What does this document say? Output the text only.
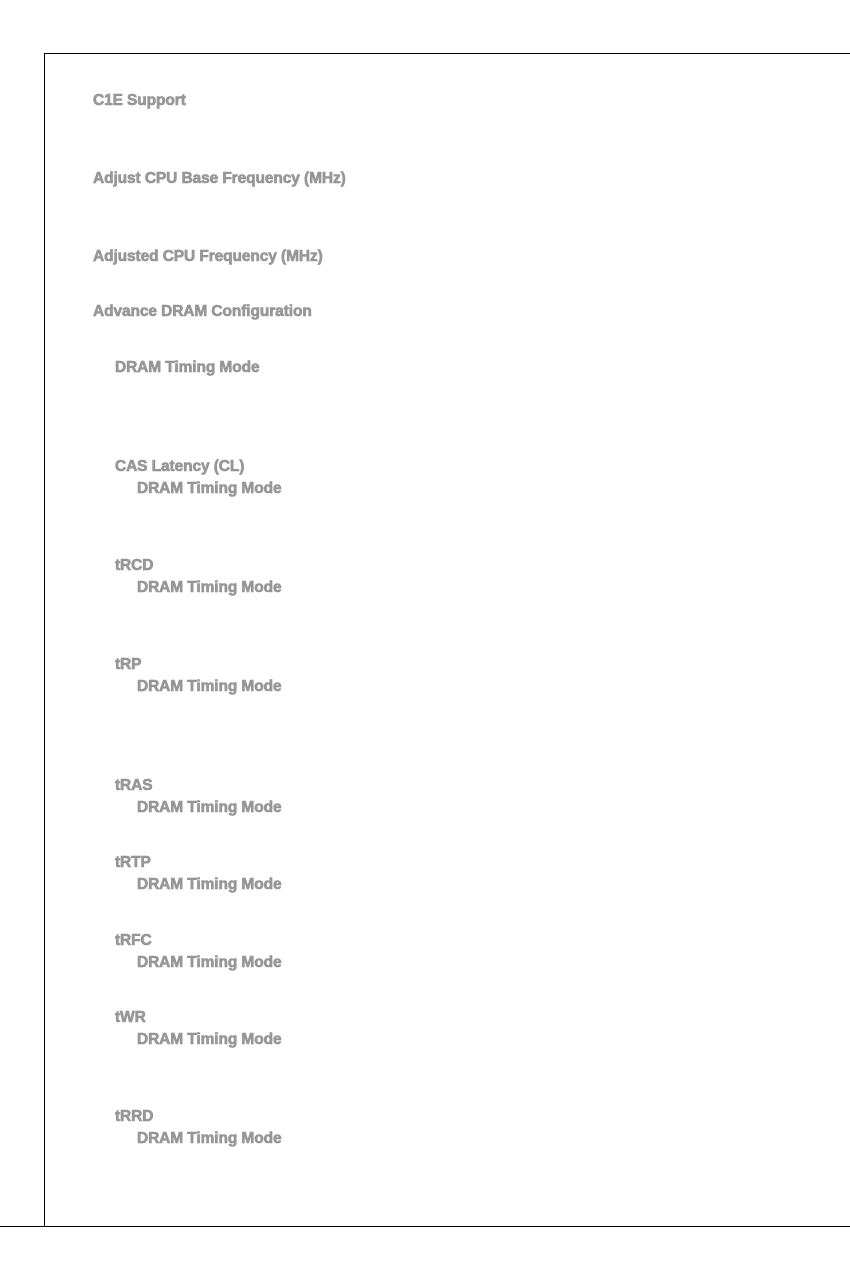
C1E Support
Adjust CPU Base Frequency (MHz)
Adjusted CPU Frequency (MHz)
Advance DRAM Configuration
DRAM Timing Mode
CAS Latency (CL)
DRAM Timing Mode
tRCD
DRAM Timing Mode
tRP
DRAM Timing Mode
tRAS
DRAM Timing Mode
tRTP
DRAM Timing Mode
tRFC
DRAM Timing Mode
tWR
DRAM Timing Mode
tRRD
DRAM Timing Mode
